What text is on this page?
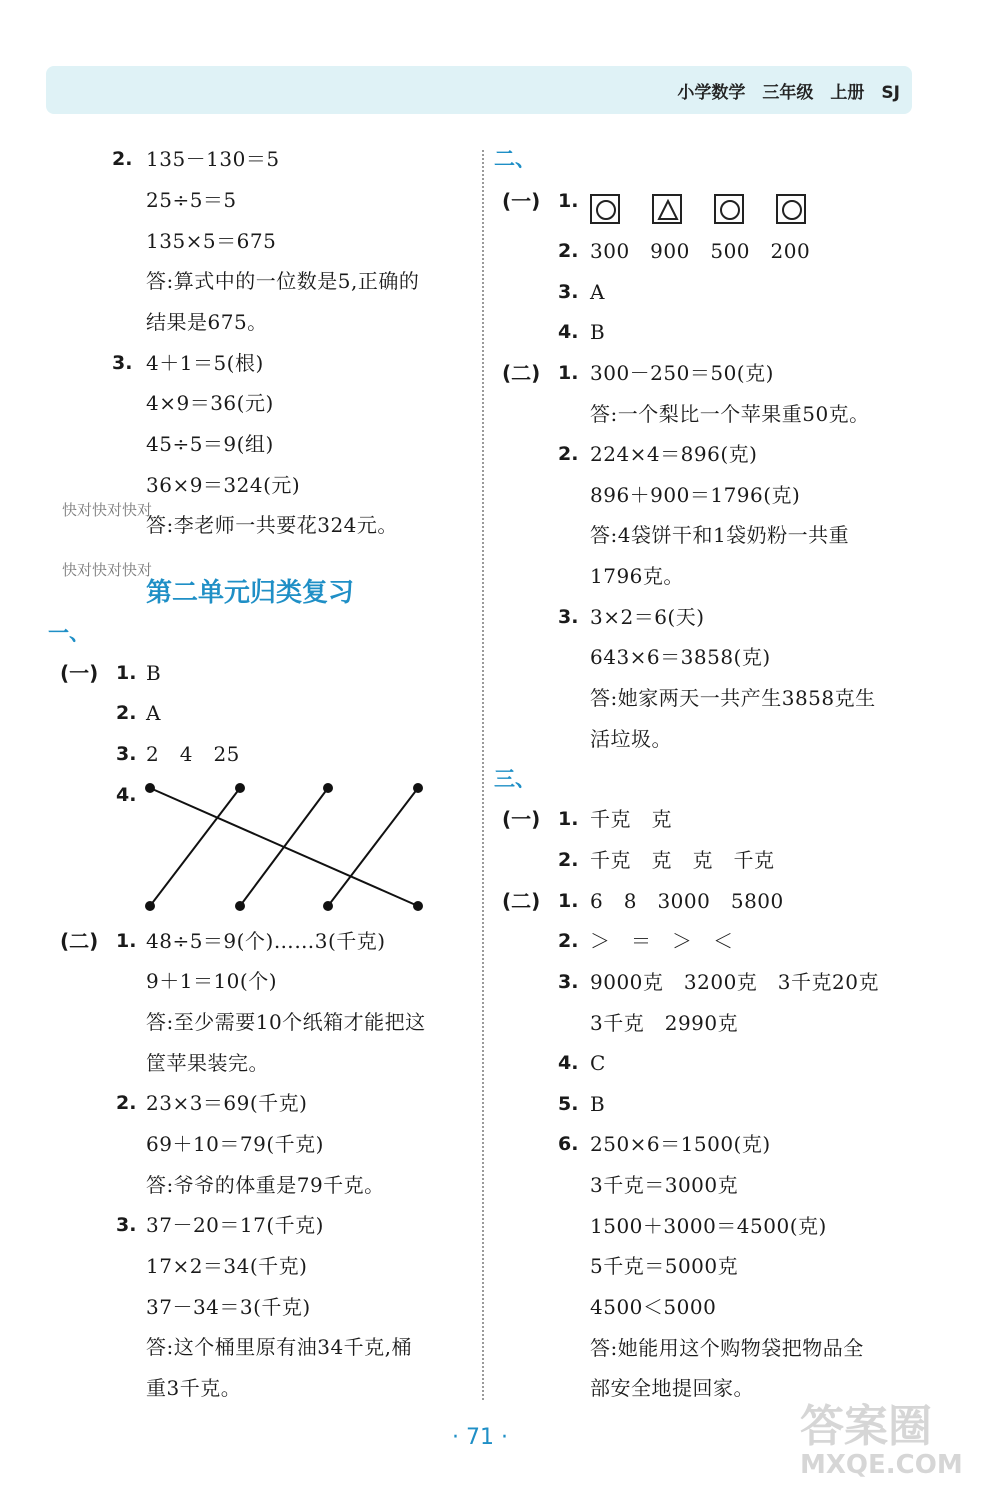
小学数学　三年级　上册　SJ
2. 135－130＝5
25÷5＝5
135×5＝675
答:算式中的一位数是5,正确的
结果是675。
3. 4＋1＝5(根)
4×9＝36(元)
45÷5＝9(组)
36×9＝324(元)
答:李老师一共要花324元。

快对快对快对

快对快对快对

第二单元归类复习
一、
(一) 1. B
2. A
3. 2　4　25
4.
(二) 1. 48÷5＝9(个)……3(千克)
9＋1＝10(个)
答:至少需要10个纸箱才能把这
筐苹果装完。
2. 23×3＝69(千克)
69＋10＝79(千克)
答:爷爷的体重是79千克。
3. 37－20＝17(千克)
17×2＝34(千克)
37－34＝3(千克)
答:这个桶里原有油34千克,桶
重3千克。
二、
(一) 1.
2. 300　900　500　200
3. A
4. B
(二) 1. 300－250＝50(克)
答:一个梨比一个苹果重50克。
2. 224×4＝896(克)
896＋900＝1796(克)
答:4袋饼干和1袋奶粉一共重
1796克。
3. 3×2＝6(天)
643×6＝3858(克)
答:她家两天一共产生3858克生
活垃圾。
三、
(一) 1. 千克　克
2. 千克　克　克　千克
(二) 1. 6　8　3000　5800
2. ＞　＝　＞　＜
3. 9000克　3200克　3千克20克
3千克　2990克
4. C
5. B
6. 250×6＝1500(克)
3千克＝3000克
1500＋3000＝4500(克)
5千克＝5000克
4500＜5000
答:她能用这个购物袋把物品全
部安全地提回家。
· 71 ·	答案圈
MXQE.COM
